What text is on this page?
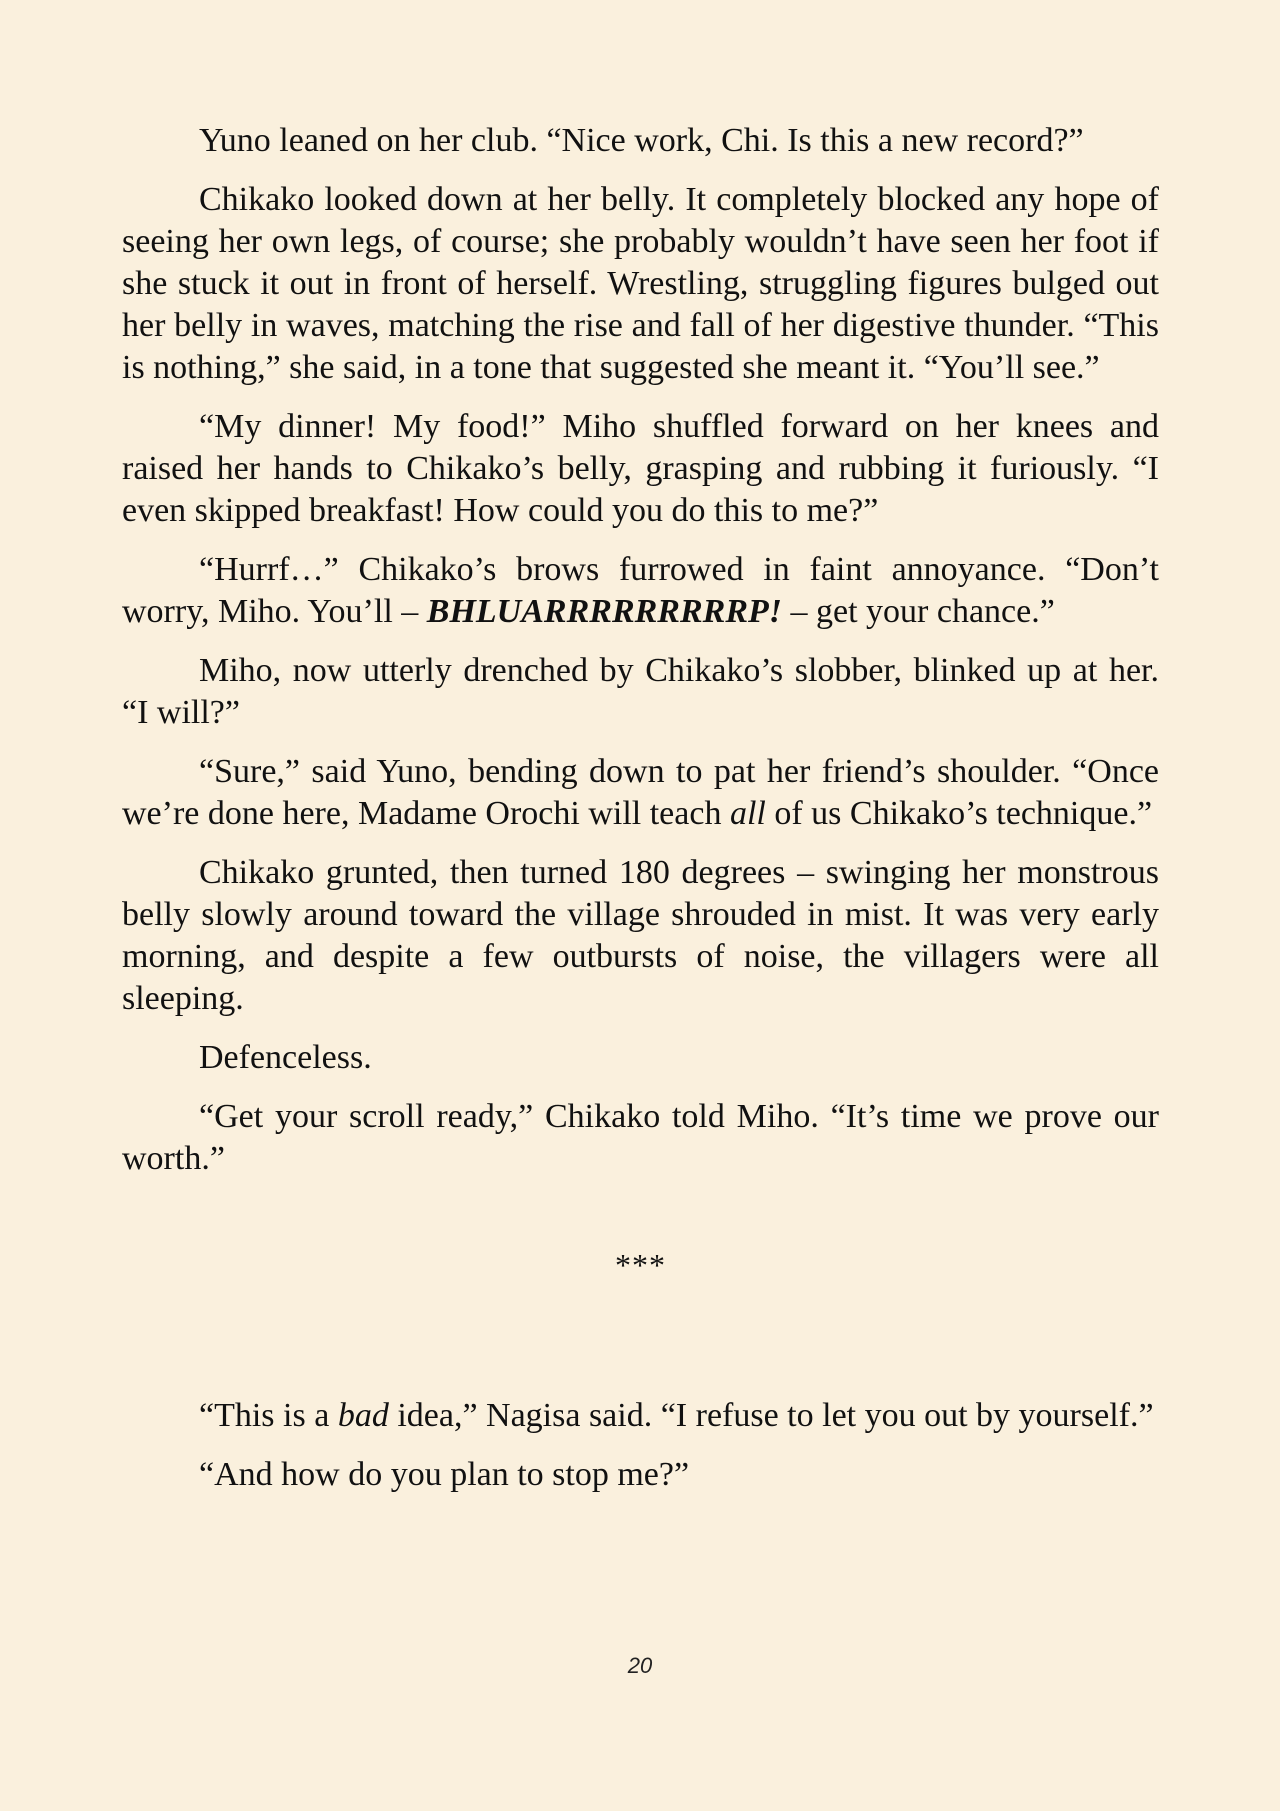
Yuno leaned on her club. “Nice work, Chi. Is this a new record?”

Chikako looked down at her belly. It completely blocked any hope of seeing her own legs, of course; she probably wouldn’t have seen her foot if she stuck it out in front of herself. Wrestling, struggling figures bulged out her belly in waves, matching the rise and fall of her digestive thunder. “This is nothing,” she said, in a tone that suggested she meant it. “You’ll see.”

“My dinner! My food!” Miho shuffled forward on her knees and raised her hands to Chikako’s belly, grasping and rubbing it furiously. “I even skipped breakfast! How could you do this to me?”

“Hurrf…” Chikako’s brows furrowed in faint annoyance. “Don’t worry, Miho. You’ll – BHLUARRRRRRRRRP! – get your chance.”

Miho, now utterly drenched by Chikako’s slobber, blinked up at her. “I will?”

“Sure,” said Yuno, bending down to pat her friend’s shoulder. “Once we’re done here, Madame Orochi will teach all of us Chikako’s technique.”

Chikako grunted, then turned 180 degrees – swinging her monstrous belly slowly around toward the village shrouded in mist. It was very early morning, and despite a few outbursts of noise, the villagers were all sleeping.

Defenceless.

“Get your scroll ready,” Chikako told Miho. “It’s time we prove our worth.”

***

“This is a bad idea,” Nagisa said. “I refuse to let you out by yourself.”

“And how do you plan to stop me?”

20
